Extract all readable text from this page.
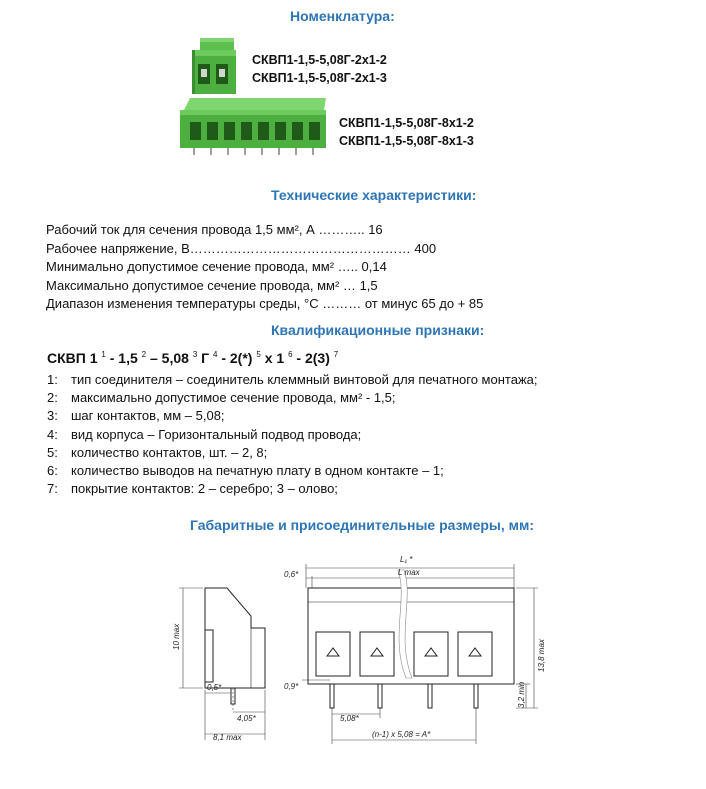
Номенклатура:
СКВП1-1,5-5,08Г-2х1-2
СКВП1-1,5-5,08Г-2х1-3
СКВП1-1,5-5,08Г-8х1-2
СКВП1-1,5-5,08Г-8х1-3
Технические характеристики:
Рабочий ток для сечения провода 1,5 мм², А ……….. 16
Рабочее напряжение, В…………………………………………… 400
Минимально допустимое сечение провода, мм² ….. 0,14
Максимально допустимое сечение провода, мм² … 1,5
Диапазон изменения температуры среды, °С ……… от минус 65 до + 85
Квалификационные признаки:
СКВП 1 $^1$ - 1,5 $^2$ – 5,08 $^3$ Г $^4$ - 2(*) $^5$ х 1 $^6$ - 2(3) $^7$
1:	тип соединителя – соединитель клеммный винтовой для печатного монтажа;
2:	максимально допустимое сечение провода, мм² - 1,5;
3:	шаг контактов, мм – 5,08;
4:	вид корпуса – Горизонтальный подвод провода;
5:	количество контактов, шт. – 2, 8;
6:	количество выводов на печатную плату в одном контакте – 1;
7:	покрытие контактов: 2 – серебро; 3 – олово;
Габаритные и присоединительные размеры, мм:
10 max
0,5*
4,05*
8,1 max
L₁ *
L max
0,6*
0,9*
5,08*
(n-1) x 5,08 = A*
13,8 max
3,2 min
